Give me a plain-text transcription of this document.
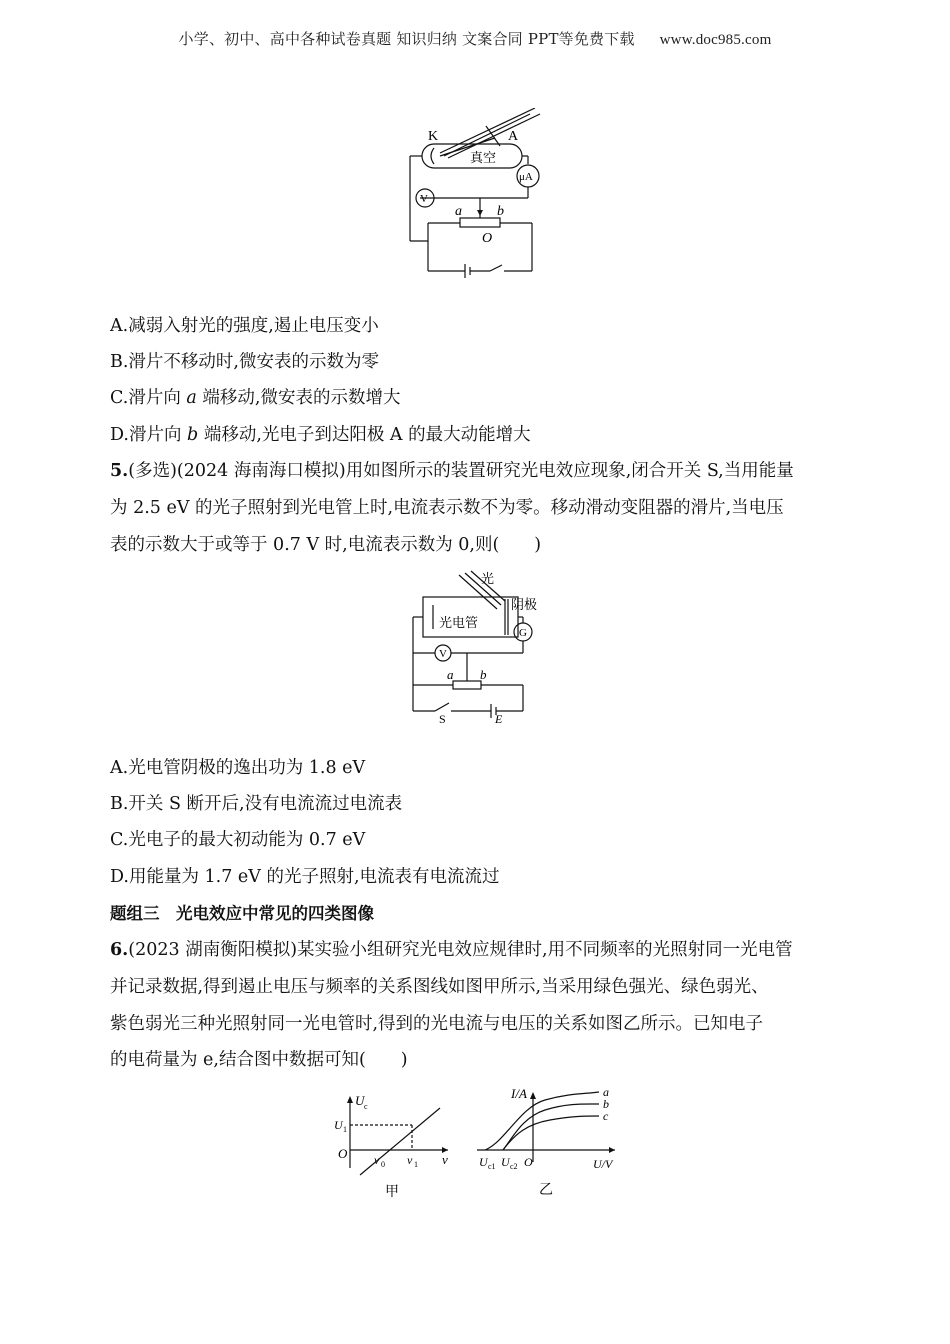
小学、初中、高中各种试卷真题 知识归纳 文案合同 PPT等免费下载 www.doc985.com
K	A
真空
μA
V
a	b
O
A.减弱入射光的强度,遏止电压变小
B.滑片不移动时,微安表的示数为零
C.滑片向 a 端移动,微安表的示数增大
D.滑片向 b 端移动,光电子到达阳极 A 的最大动能增大
5.(多选)(2024 海南海口模拟)用如图所示的装置研究光电效应现象,闭合开关 S,当用能量
为 2.5 eV 的光子照射到光电管上时,电流表示数不为零。移动滑动变阻器的滑片,当电压
表的示数大于或等于 0.7 V 时,电流表示数为 0,则(　　)
光
阴极
光电管
G
V
a b
S	E
A.光电管阴极的逸出功为 1.8 eV
B.开关 S 断开后,没有电流流过电流表
C.光电子的最大初动能为 0.7 eV
D.用能量为 1.7 eV 的光子照射,电流表有电流流过
题组三　光电效应中常见的四类图像
6.(2023 湖南衡阳模拟)某实验小组研究光电效应规律时,用不同频率的光照射同一光电管
并记录数据,得到遏止电压与频率的关系图线如图甲所示,当采用绿色强光、绿色弱光、
紫色弱光三种光照射同一光电管时,得到的光电流与电压的关系如图乙所示。已知电子
的电荷量为 e,结合图中数据可知(　　)
U c
U 1
O ν 0 ν 1 ν
甲
I/A	a
b
c
U c1 U c2 O	U/V
乙
